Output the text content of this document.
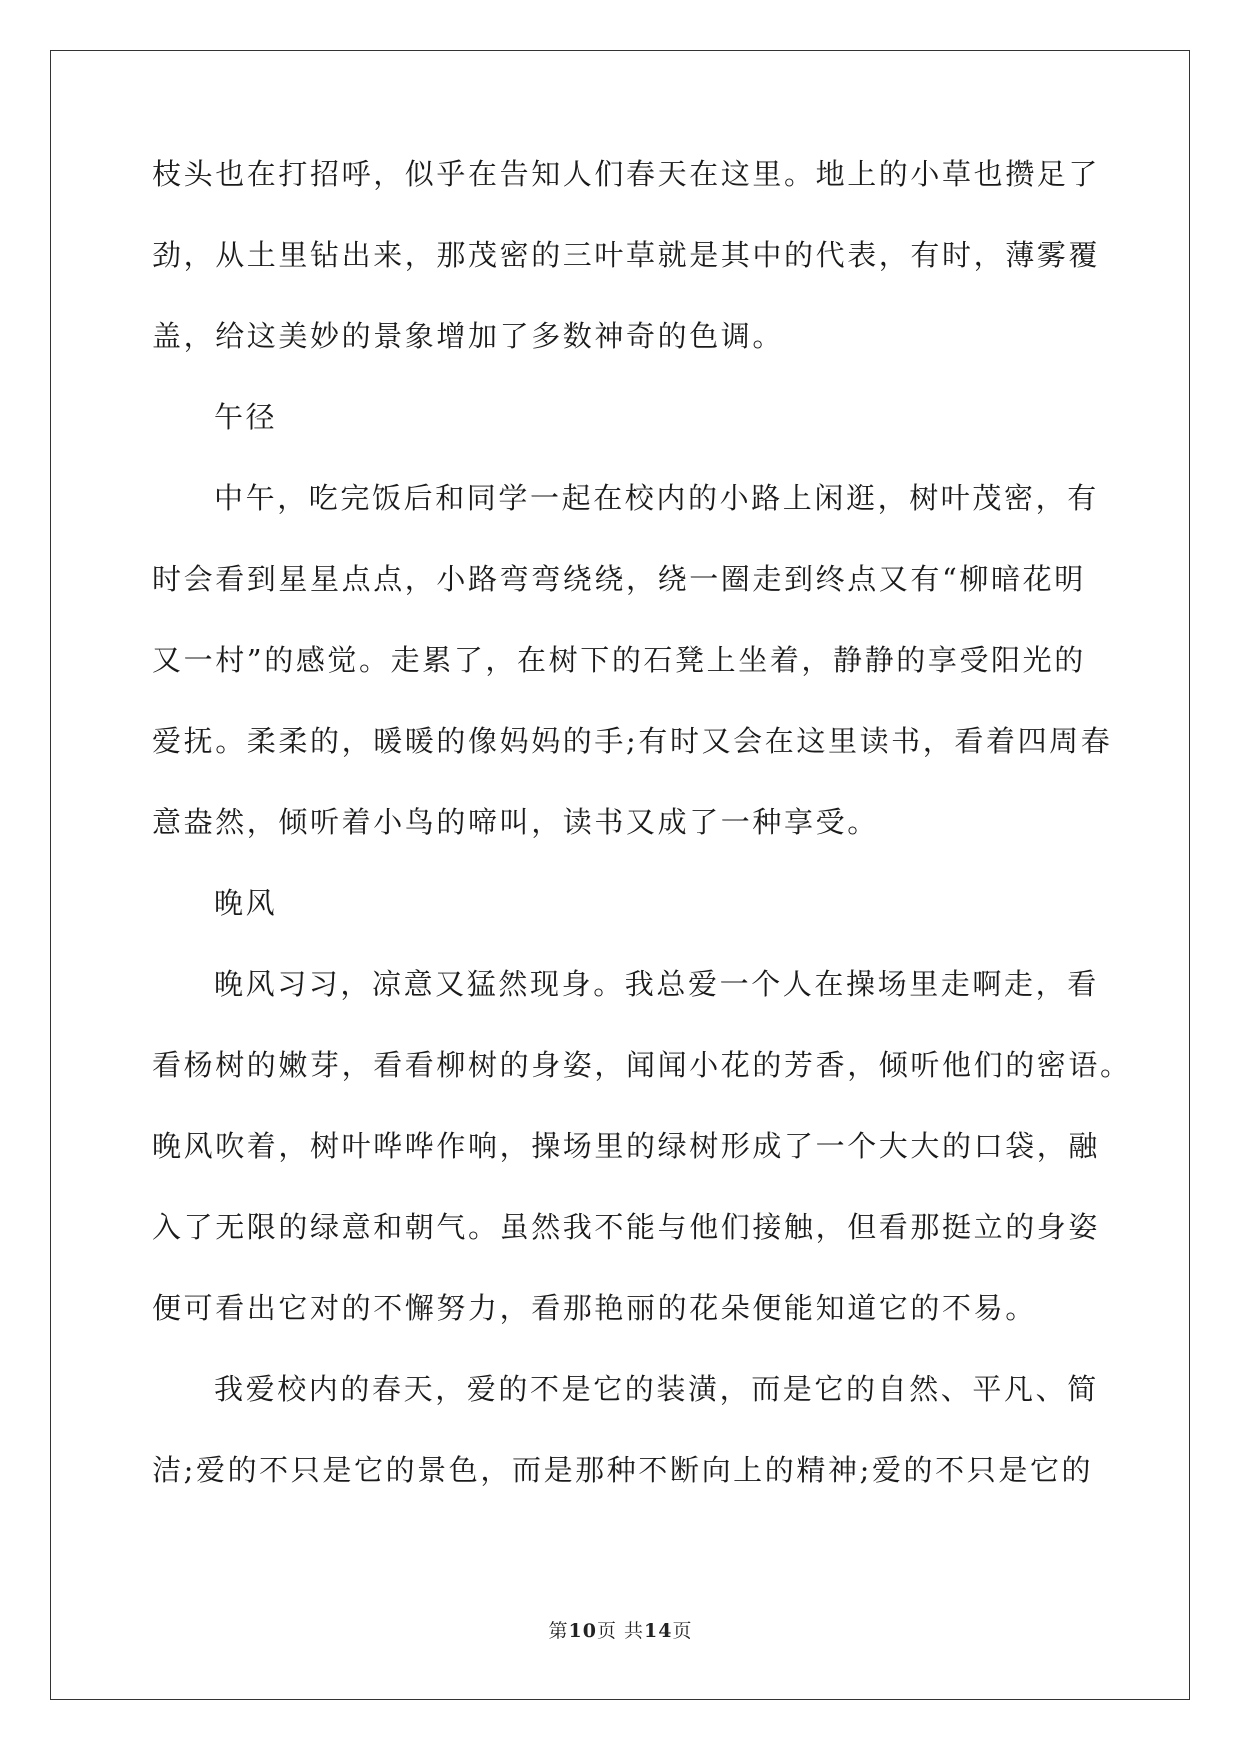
枝头也在打招呼，似乎在告知人们春天在这里。地上的小草也攒足了

劲，从土里钻出来，那茂密的三叶草就是其中的代表，有时，薄雾覆

盖，给这美妙的景象增加了多数神奇的色调。

午径

中午，吃完饭后和同学一起在校内的小路上闲逛，树叶茂密，有

时会看到星星点点，小路弯弯绕绕，绕一圈走到终点又有“柳暗花明

又一村”的感觉。走累了，在树下的石凳上坐着，静静的享受阳光的

爱抚。柔柔的，暖暖的像妈妈的手;有时又会在这里读书，看着四周春

意盎然，倾听着小鸟的啼叫，读书又成了一种享受。

晚风

晚风习习，凉意又猛然现身。我总爱一个人在操场里走啊走，看

看杨树的嫩芽，看看柳树的身姿，闻闻小花的芳香，倾听他们的密语。

晚风吹着，树叶哗哗作响，操场里的绿树形成了一个大大的口袋，融

入了无限的绿意和朝气。虽然我不能与他们接触，但看那挺立的身姿

便可看出它对的不懈努力，看那艳丽的花朵便能知道它的不易。

我爱校内的春天，爱的不是它的装潢，而是它的自然、平凡、简

洁;爱的不只是它的景色，而是那种不断向上的精神;爱的不只是它的

第10页 共14页
